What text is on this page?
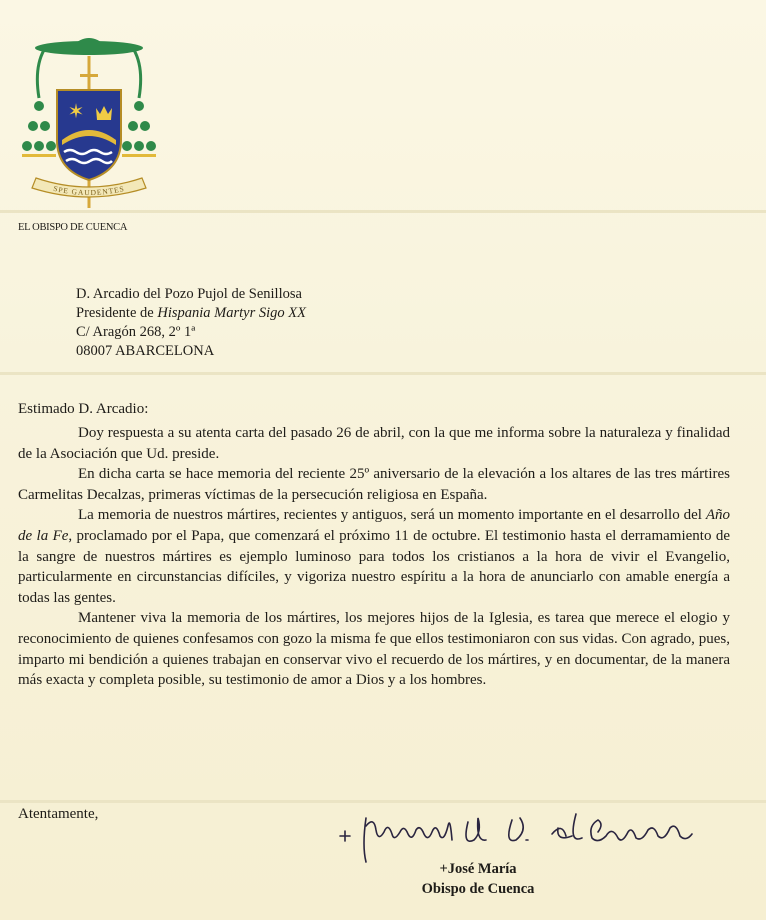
✶
SPE GAUDENTES
EL OBISPO DE CUENCA
D. Arcadio del Pozo Pujol de Senillosa
Presidente de Hispania Martyr Sigo XX
C/ Aragón 268, 2º 1ª
08007 ABARCELONA
Estimado D. Arcadio:

Doy respuesta a su atenta carta del pasado 26 de abril, con la que me informa sobre la naturaleza y finalidad de la Asociación que Ud. preside.

En dicha carta se hace memoria del reciente 25º aniversario de la elevación a los altares de las tres mártires Carmelitas Decalzas, primeras víctimas de la persecución religiosa en España.

La memoria de nuestros mártires, recientes y antiguos, será un momento importante en el desarrollo del Año de la Fe, proclamado por el Papa, que comenzará el próximo 11 de octubre. El testimonio hasta el derramamiento de la sangre de nuestros mártires es ejemplo luminoso para todos los cristianos a la hora de vivir el Evangelio, particularmente en circunstancias difíciles, y vigoriza nuestro espíritu a la hora de anunciarlo con amable energía a todas las gentes.

Mantener viva la memoria de los mártires, los mejores hijos de la Iglesia, es tarea que merece el elogio y reconocimiento de quienes confesamos con gozo la misma fe que ellos testimoniaron con sus vidas. Con agrado, pues, imparto mi bendición a quienes trabajan en conservar vivo el recuerdo de los mártires, y en documentar, de la manera más exacta y completa posible, su testimonio de amor a Dios y a los hombres.

Atentamente,
+José María
Obispo de Cuenca
